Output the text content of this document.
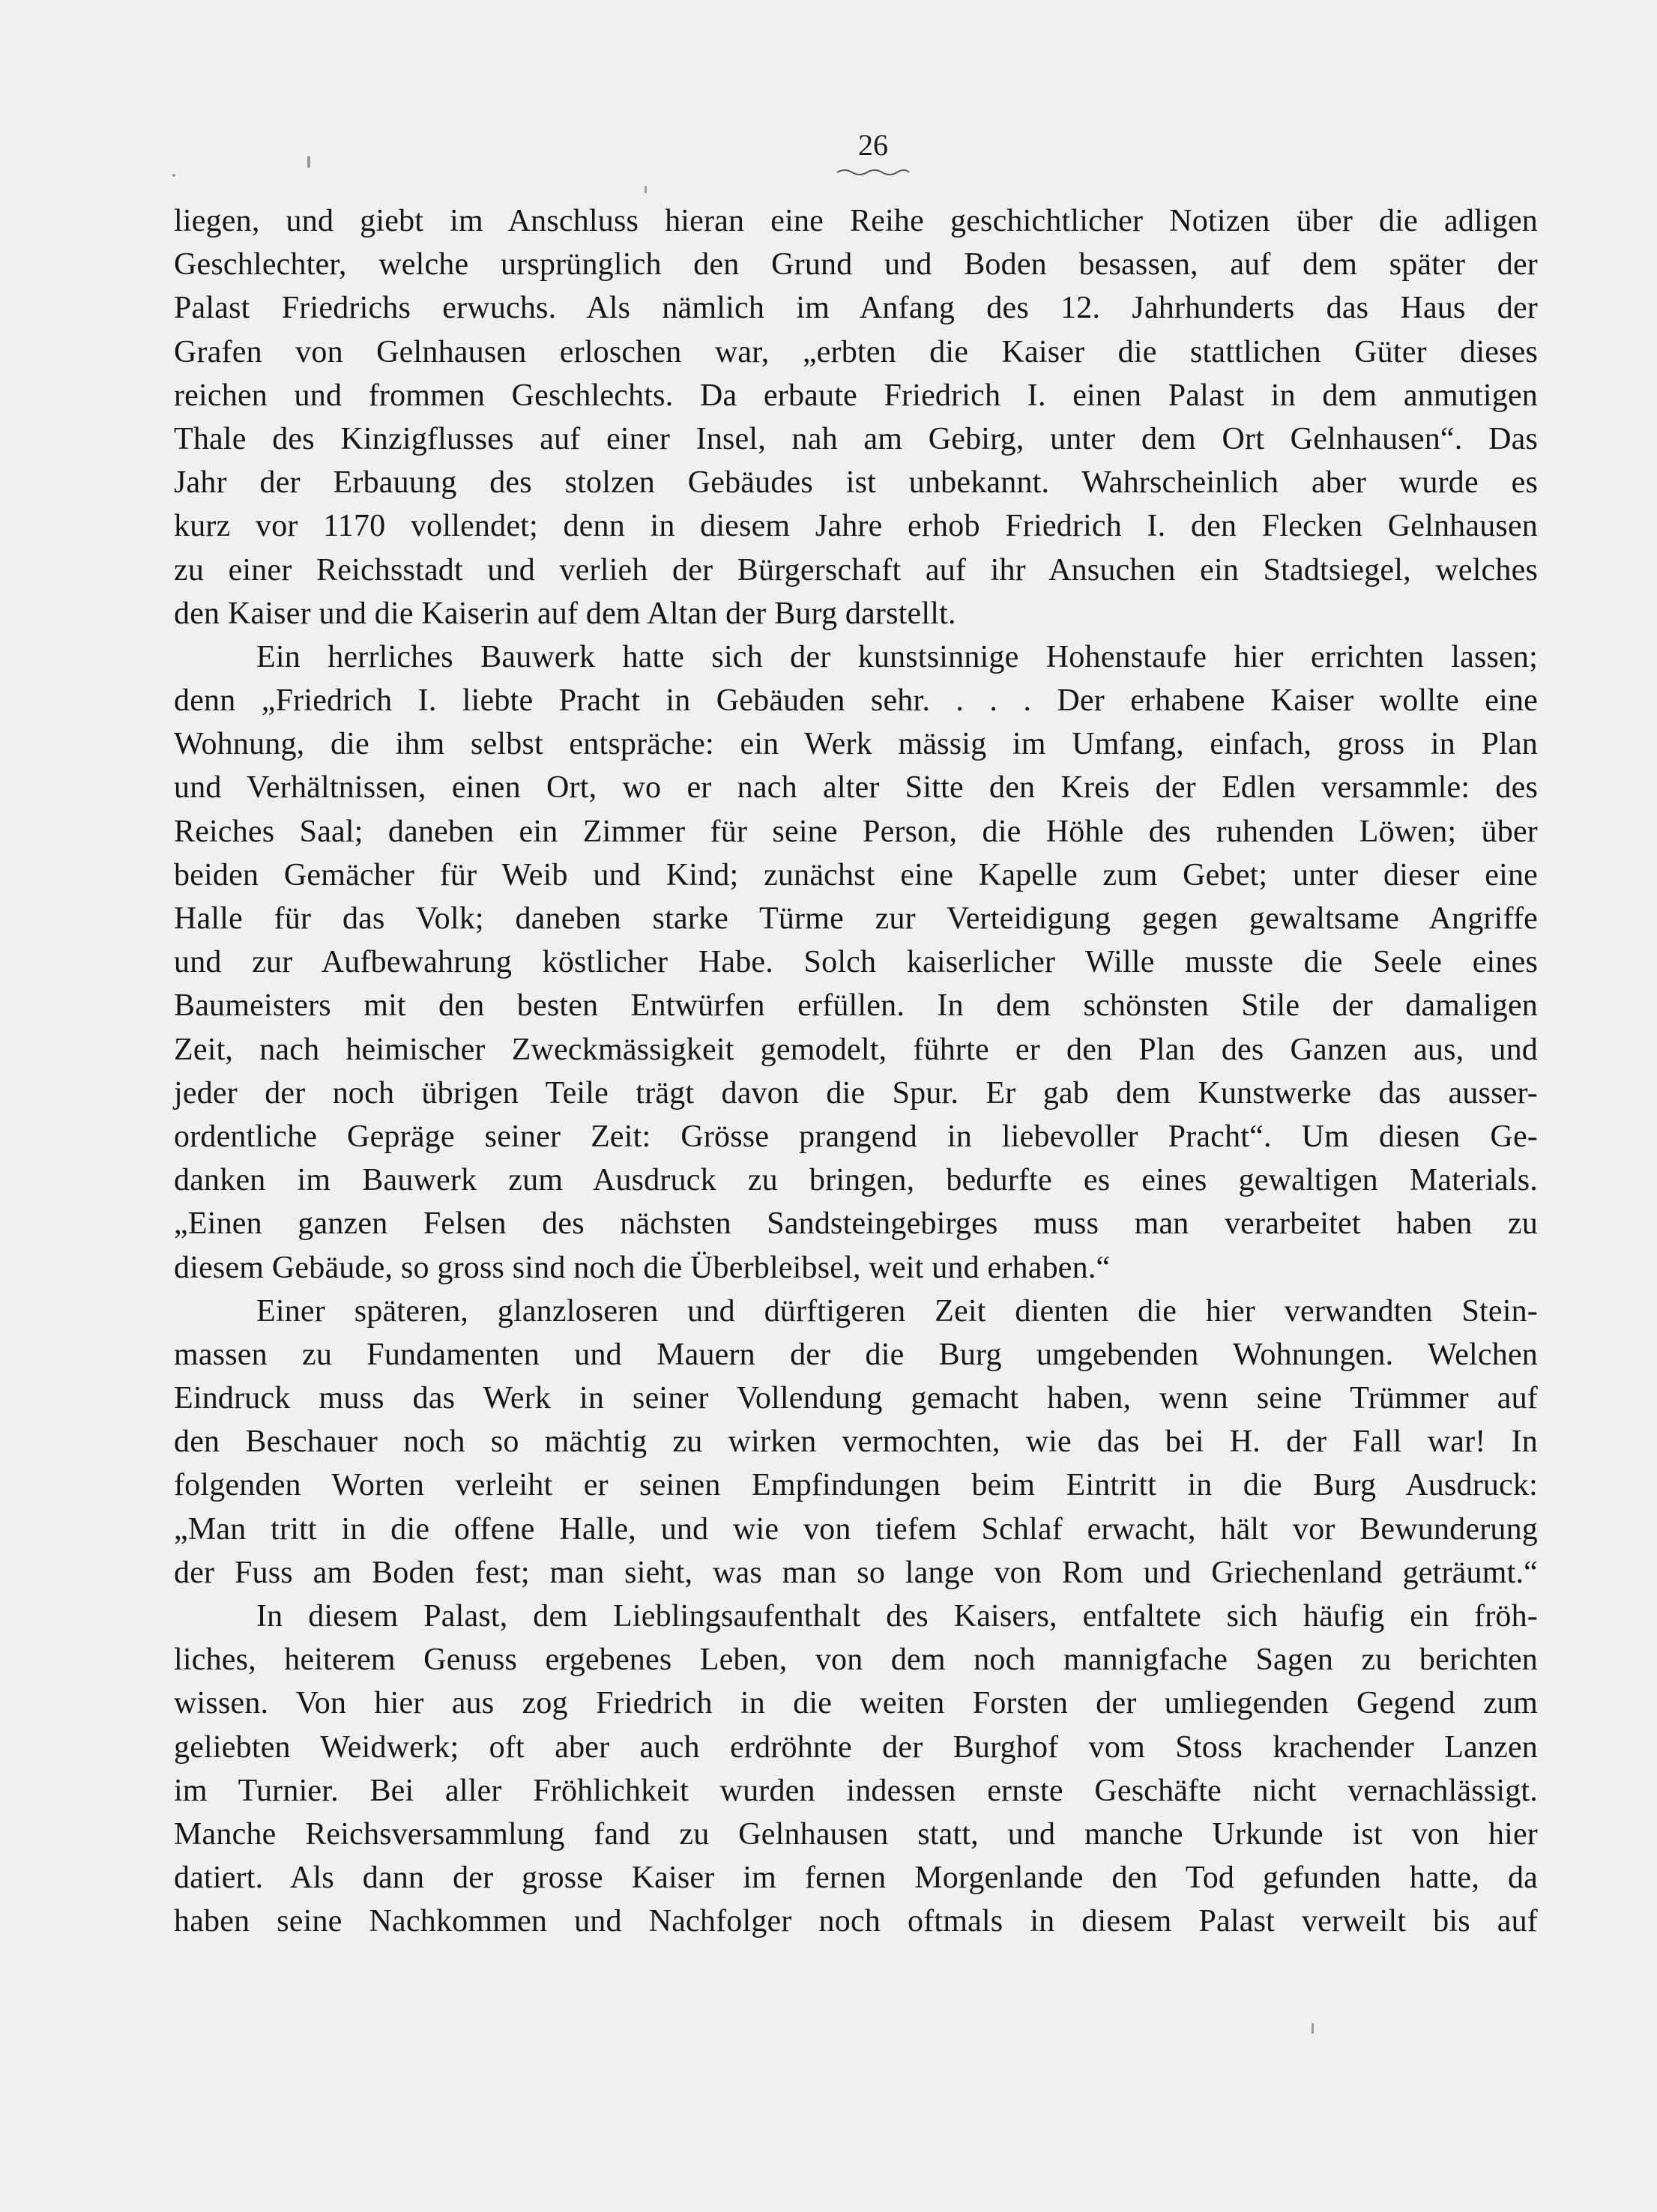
26
liegen, und giebt im Anschluss hieran eine Reihe geschichtlicher Notizen über die adligen
Geschlechter, welche ursprünglich den Grund und Boden besassen, auf dem später der
Palast Friedrichs erwuchs. Als nämlich im Anfang des 12. Jahrhunderts das Haus der
Grafen von Gelnhausen erloschen war, „erbten die Kaiser die stattlichen Güter dieses
reichen und frommen Geschlechts. Da erbaute Friedrich I. einen Palast in dem anmutigen
Thale des Kinzigflusses auf einer Insel, nah am Gebirg, unter dem Ort Gelnhausen“. Das
Jahr der Erbauung des stolzen Gebäudes ist unbekannt. Wahrscheinlich aber wurde es
kurz vor 1170 vollendet; denn in diesem Jahre erhob Friedrich I. den Flecken Gelnhausen
zu einer Reichsstadt und verlieh der Bürgerschaft auf ihr Ansuchen ein Stadtsiegel, welches
den Kaiser und die Kaiserin auf dem Altan der Burg darstellt.
Ein herrliches Bauwerk hatte sich der kunstsinnige Hohenstaufe hier errichten lassen;
denn „Friedrich I. liebte Pracht in Gebäuden sehr. . . . Der erhabene Kaiser wollte eine
Wohnung, die ihm selbst entspräche: ein Werk mässig im Umfang, einfach, gross in Plan
und Verhältnissen, einen Ort, wo er nach alter Sitte den Kreis der Edlen versammle: des
Reiches Saal; daneben ein Zimmer für seine Person, die Höhle des ruhenden Löwen; über
beiden Gemächer für Weib und Kind; zunächst eine Kapelle zum Gebet; unter dieser eine
Halle für das Volk; daneben starke Türme zur Verteidigung gegen gewaltsame Angriffe
und zur Aufbewahrung köstlicher Habe. Solch kaiserlicher Wille musste die Seele eines
Baumeisters mit den besten Entwürfen erfüllen. In dem schönsten Stile der damaligen
Zeit, nach heimischer Zweckmässigkeit gemodelt, führte er den Plan des Ganzen aus, und
jeder der noch übrigen Teile trägt davon die Spur. Er gab dem Kunstwerke das ausser-
ordentliche Gepräge seiner Zeit: Grösse prangend in liebevoller Pracht“. Um diesen Ge-
danken im Bauwerk zum Ausdruck zu bringen, bedurfte es eines gewaltigen Materials.
„Einen ganzen Felsen des nächsten Sandsteingebirges muss man verarbeitet haben zu
diesem Gebäude, so gross sind noch die Überbleibsel, weit und erhaben.“
Einer späteren, glanzloseren und dürftigeren Zeit dienten die hier verwandten Stein-
massen zu Fundamenten und Mauern der die Burg umgebenden Wohnungen. Welchen
Eindruck muss das Werk in seiner Vollendung gemacht haben, wenn seine Trümmer auf
den Beschauer noch so mächtig zu wirken vermochten, wie das bei H. der Fall war! In
folgenden Worten verleiht er seinen Empfindungen beim Eintritt in die Burg Ausdruck:
„Man tritt in die offene Halle, und wie von tiefem Schlaf erwacht, hält vor Bewunderung
der Fuss am Boden fest; man sieht, was man so lange von Rom und Griechenland geträumt.“
In diesem Palast, dem Lieblingsaufenthalt des Kaisers, entfaltete sich häufig ein fröh-
liches, heiterem Genuss ergebenes Leben, von dem noch mannigfache Sagen zu berichten
wissen. Von hier aus zog Friedrich in die weiten Forsten der umliegenden Gegend zum
geliebten Weidwerk; oft aber auch erdröhnte der Burghof vom Stoss krachender Lanzen
im Turnier. Bei aller Fröhlichkeit wurden indessen ernste Geschäfte nicht vernachlässigt.
Manche Reichsversammlung fand zu Gelnhausen statt, und manche Urkunde ist von hier
datiert. Als dann der grosse Kaiser im fernen Morgenlande den Tod gefunden hatte, da
haben seine Nachkommen und Nachfolger noch oftmals in diesem Palast verweilt bis auf
